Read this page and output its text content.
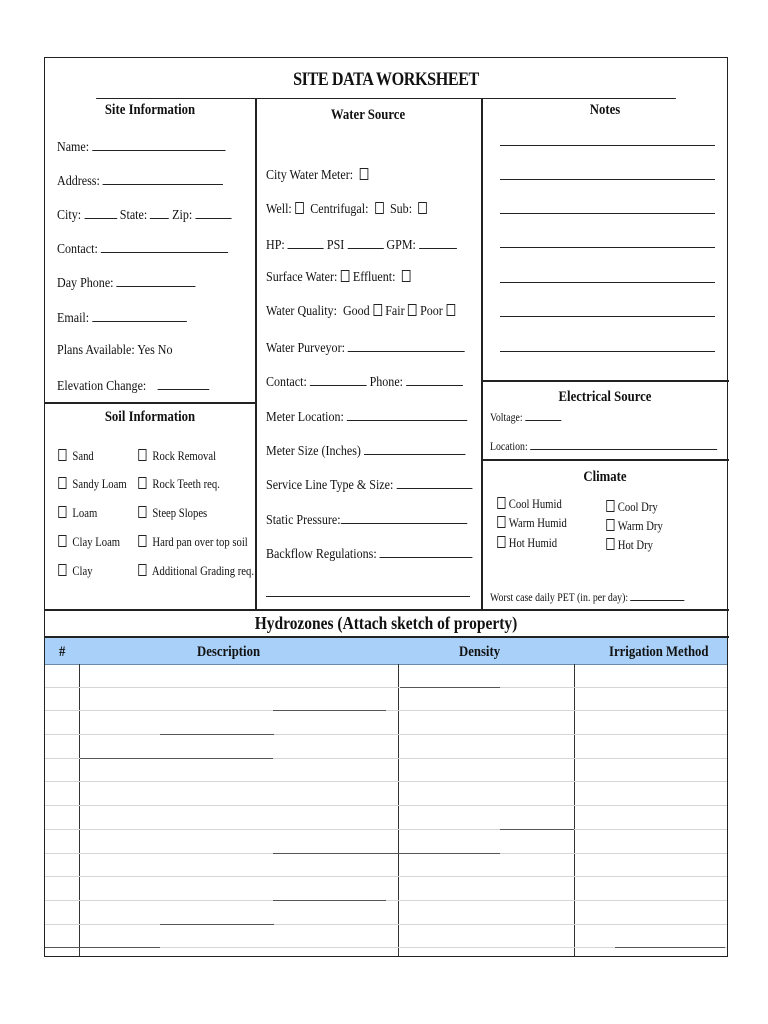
SITE DATA WORKSHEET
Site Information
Name:
Address:
City:	State: Zip:
Contact:
Day Phone:
Email:
Plans Available: Yes No
Elevation Change:
Soil Information
Sand
Sandy Loam
Loam
Clay Loam
Clay
Rock Removal
Rock Teeth req.
Steep Slopes
Hard pan over top soil
Additional Grading req.
Water Source
City Water Meter:
Well: Centrifugal: Sub:
HP:	PSI	GPM:
Surface Water: Effluent:
Water Quality: Good Fair Poor
Water Purveyor:
Contact:	Phone:
Meter Location:
Meter Size (Inches)
Service Line Type & Size:
Static Pressure:
Backflow Regulations:
Notes
Electrical Source
Voltage:
Location:
Climate
Cool Humid
Warm Humid
Hot Humid
Cool Dry
Warm Dry
Hot Dry
Worst case daily PET (in. per day):
Hydrozones (Attach sketch of property)
#	Description	Density	Irrigation Method
